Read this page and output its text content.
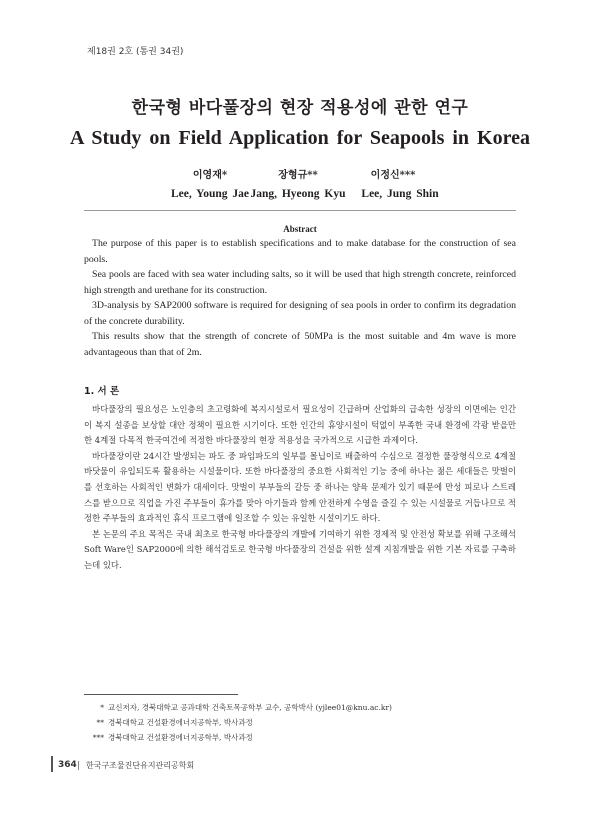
제18권 2호 (통권 34권)
한국형 바다풀장의 현장 적용성에 관한 연구
A Study on Field Application for Seapools in Korea
이영재*	장형규**	이정신***
Lee, Young Jae Jang, Hyeong Kyu	Lee, Jung Shin
Abstract

The purpose of this paper is to establish specifications and to make database for the construction of sea pools.

Sea pools are faced with sea water including salts, so it will be used that high strength concrete, reinforced high strength and urethane for its construction.

3D-analysis by SAP2000 software is required for designing of sea pools in order to confirm its degradation of the concrete durability.

This results show that the strength of concrete of 50MPa is the most suitable and 4m wave is more advantageous than that of 2m.

1. 서 론

바다풀장의 필요성은 노인층의 초고령화에 복지시설로서 필요성이 긴급하며 산업화의 급속한 성장의 이면에는 인간이 복지 설종을 보상할 대안 정책이 필요한 시기이다. 또한 인간의 휴양시설이 턱없이 부족한 국내 환경에 각광 받을만한 4계절 다목적 한국여건에 적정한 바다풀장의 현장 적용성을 국가적으로 시급한 과제이다.

바다풀장이란 24시간 발생되는 파도 중 파임파도의 일부를 몰닙이로 배출하여 수심으로 결정한 풀장형식으로 4계절 바닷물이 유입되도록 활용하는 시설물이다. 또한 바다풀장의 중요한 사회적인 기능 중에 하나는 젊은 세대들은 맛벌이를 선호하는 사회적인 변화가 대세이다. 맛벌이 부부들의 갈등 중 하나는 양육 문제가 있기 때문에 만성 피로나 스트레스를 받으므로 직업을 가진 주부들이 휴가를 맞아 아기들과 함께 안전하게 수영을 즐길 수 있는 시설물로 거듭나므로 적정한 주부들의 효과적인 휴식 프로그램에 일조할 수 있는 유일한 시설이기도 하다.

본 논문의 주요 목적은 국내 최초로 한국형 바다풀장의 개발에 기여하기 위한 경제적 및 안전성 확보를 위해 구조해석 Soft Ware인 SAP2000에 의한 해석검토로 한국형 바다풀장의 건설을 위한 설계 지침개발을 위한 기본 자료를 구축하는데 있다.

* 교신저자, 경북대학교 공과대학 건축토목공학부 교수, 공학박사 (yjlee01@knu.ac.kr)
** 경북대학교 건설환경에너지공학부, 박사과정
*** 경북대학교 건설환경에너지공학부, 박사과정
364 한국구조물진단유지관리공학회
